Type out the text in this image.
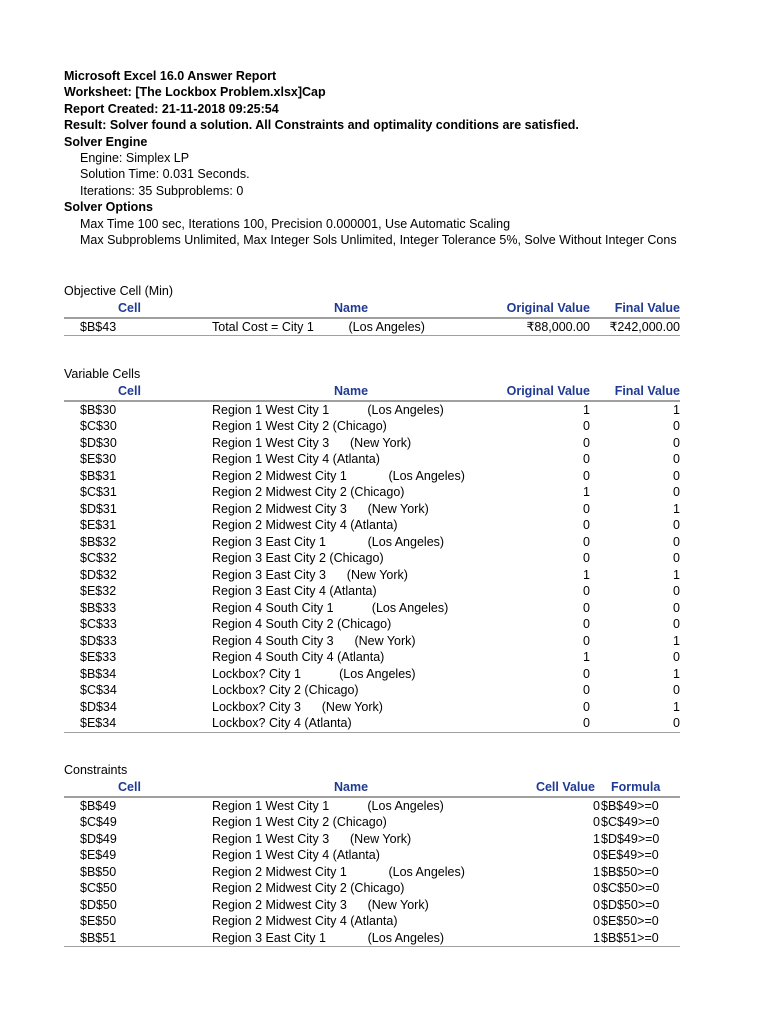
Microsoft Excel 16.0 Answer Report
Worksheet: [The Lockbox Problem.xlsx]Cap
Report Created: 21-11-2018 09:25:54
Result: Solver found a solution. All Constraints and optimality conditions are satisfied.
Solver Engine
Engine: Simplex LP
Solution Time: 0.031 Seconds.
Iterations: 35 Subproblems: 0
Solver Options
Max Time 100 sec, Iterations 100, Precision 0.000001, Use Automatic Scaling
Max Subproblems Unlimited, Max Integer Sols Unlimited, Integer Tolerance 5%, Solve Without Integer Cons
Objective Cell (Min)
Cell	Name	Original Value Final Value
$B$43	Total Cost = City 1          (Los Angeles)	₹88,000.00 ₹242,000.00
Variable Cells
Cell	Name	Original Value Final Value
$B$30	Region 1 West City 1           (Los Angeles)	1	1
$C$30	Region 1 West City 2 (Chicago)	0	0
$D$30	Region 1 West City 3      (New York)	0	0
$E$30	Region 1 West City 4 (Atlanta)	0	0
$B$31	Region 2 Midwest City 1            (Los Angeles)	0	0
$C$31	Region 2 Midwest City 2 (Chicago)	1	0
$D$31	Region 2 Midwest City 3      (New York)	0	1
$E$31	Region 2 Midwest City 4 (Atlanta)	0	0
$B$32	Region 3 East City 1            (Los Angeles)	0	0
$C$32	Region 3 East City 2 (Chicago)	0	0
$D$32	Region 3 East City 3      (New York)	1	1
$E$32	Region 3 East City 4 (Atlanta)	0	0
$B$33	Region 4 South City 1           (Los Angeles)	0	0
$C$33	Region 4 South City 2 (Chicago)	0	0
$D$33	Region 4 South City 3      (New York)	0	1
$E$33	Region 4 South City 4 (Atlanta)	1	0
$B$34	Lockbox? City 1           (Los Angeles)	0	1
$C$34	Lockbox? City 2 (Chicago)	0	0
$D$34	Lockbox? City 3      (New York)	0	1
$E$34	Lockbox? City 4 (Atlanta)	0	0
Constraints
Cell	Name	Cell Value Formula
$B$49	Region 1 West City 1           (Los Angeles)	0 $B$49>=0
$C$49	Region 1 West City 2 (Chicago)	0 $C$49>=0
$D$49	Region 1 West City 3      (New York)	1 $D$49>=0
$E$49	Region 1 West City 4 (Atlanta)	0 $E$49>=0
$B$50	Region 2 Midwest City 1            (Los Angeles)	1 $B$50>=0
$C$50	Region 2 Midwest City 2 (Chicago)	0 $C$50>=0
$D$50	Region 2 Midwest City 3      (New York)	0 $D$50>=0
$E$50	Region 2 Midwest City 4 (Atlanta)	0 $E$50>=0
$B$51	Region 3 East City 1            (Los Angeles)	1 $B$51>=0
